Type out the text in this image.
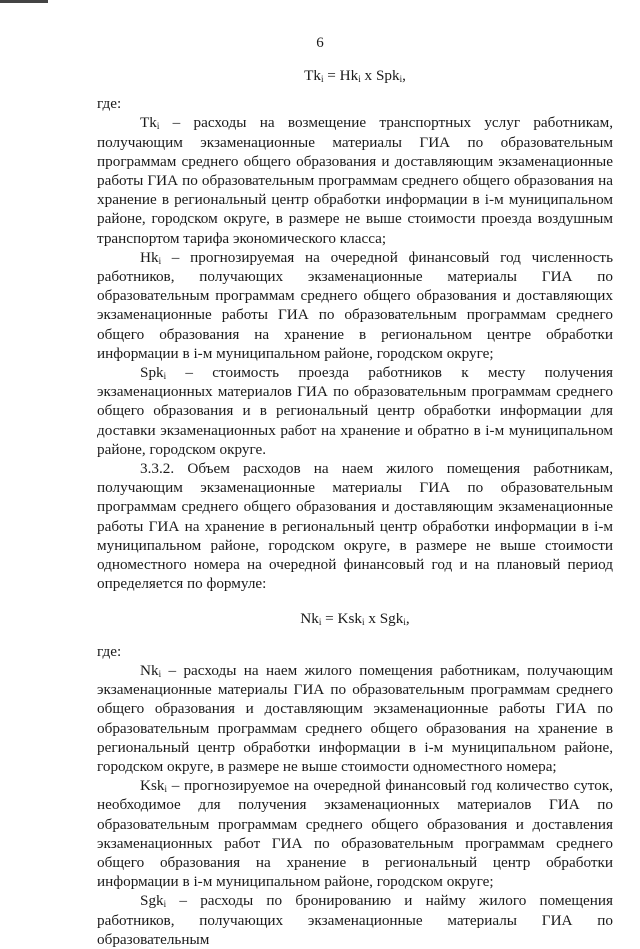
6
$Tk_i = Hk_i$ x Spk$_i$,

где:

$Tk_i$ – расходы на возмещение транспортных услуг работникам, получающим экзаменационные материалы ГИА по образовательным программам среднего общего образования и доставляющим экзаменационные работы ГИА по образовательным программам среднего общего образования на хранение в региональный центр обработки информации в i-м муниципальном районе, городском округе, в размере не выше стоимости проезда воздушным транспортом тарифа экономического класса;

$Hk_i$ – прогнозируемая на очередной финансовый год численность работников, получающих экзаменационные материалы ГИА по образовательным программам среднего общего образования и доставляющих экзаменационные работы ГИА по образовательным программам среднего общего образования на хранение в региональном центре обработки информации в i-м муниципальном районе, городском округе;

Spk$_i$ – стоимость проезда работников к месту получения экзаменационных материалов ГИА по образовательным программам среднего общего образования и в региональный центр обработки информации для доставки экзаменационных работ на хранение и обратно в i-м муниципальном районе, городском округе.

3.3.2. Объем расходов на наем жилого помещения работникам, получающим экзаменационные материалы ГИА по образовательным программам среднего общего образования и доставляющим экзаменационные работы ГИА на хранение в региональный центр обработки информации в i-м муниципальном районе, городском округе, в размере не выше стоимости одноместного номера на очередной финансовый год и на плановый период определяется по формуле:

$Nk_i = Ksk_i$ x Sgk$_i$,

где:

$Nk_i$ – расходы на наем жилого помещения работникам, получающим экзаменационные материалы ГИА по образовательным программам среднего общего образования и доставляющим экзаменационные работы ГИА по образовательным программам среднего общего образования на хранение в региональный центр обработки информации в i-м муниципальном районе, городском округе, в размере не выше стоимости одноместного номера;

Ksk$_i$ – прогнозируемое на очередной финансовый год количество суток, необходимое для получения экзаменационных материалов ГИА по образовательным программам среднего общего образования и доставления экзаменационных работ ГИА по образовательным программам среднего общего образования на хранение в региональный центр обработки информации в i-м муниципальном районе, городском округе;

Sgk$_i$ – расходы по бронированию и найму жилого помещения работников, получающих экзаменационные материалы ГИА по образовательным
